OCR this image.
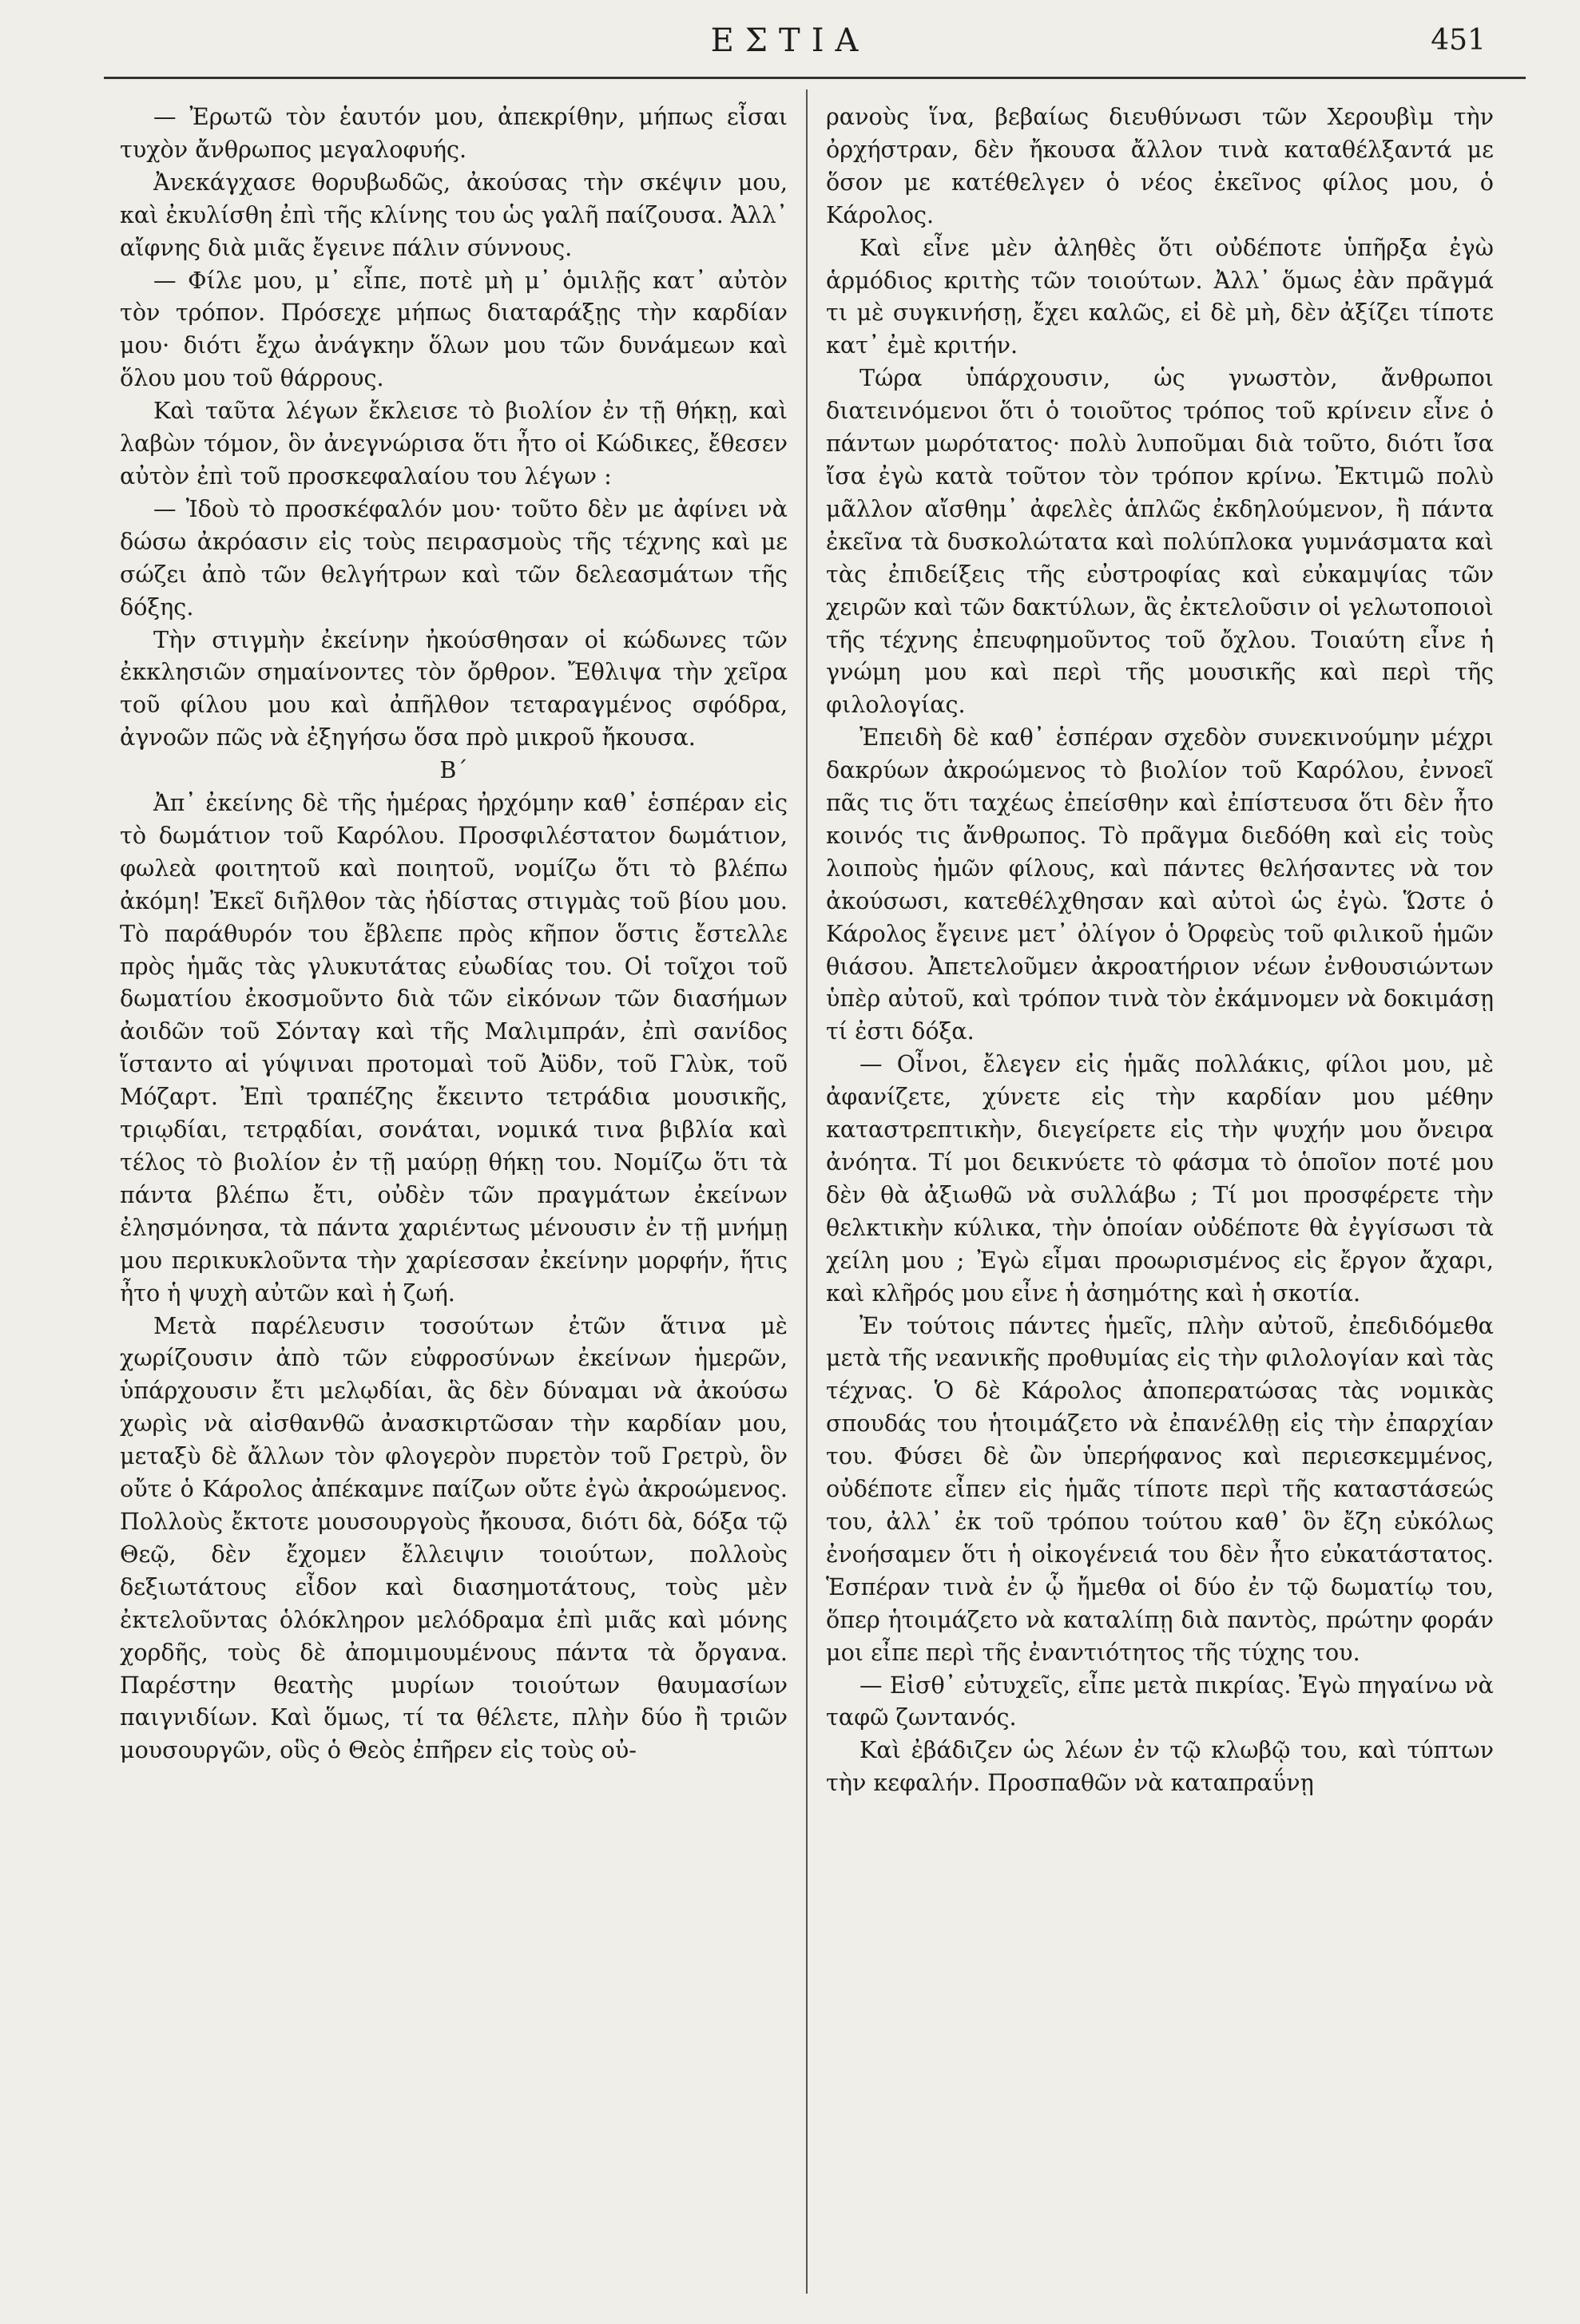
ΕΣΤΙΑ	451

— Ἐρωτῶ τὸν ἑαυτόν μου, ἀπεκρίθην, μήπως εἶσαι τυχὸν ἄνθρωπος μεγαλοφυής.

Ἀνεκάγχασε θορυβωδῶς, ἀκούσας τὴν σκέψιν μου, καὶ ἐκυλίσθη ἐπὶ τῆς κλίνης του ὡς γαλῆ παίζουσα. Ἀλλ᾽ αἴφνης διὰ μιᾶς ἔγεινε πάλιν σύννους.

— Φίλε μου, μ᾽ εἶπε, ποτὲ μὴ μ᾽ ὁμιλῇς κατ᾽ αὐτὸν τὸν τρόπον. Πρόσεχε μήπως διαταράξῃς τὴν καρδίαν μου· διότι ἔχω ἀνάγκην ὅλων μου τῶν δυνάμεων καὶ ὅλου μου τοῦ θάρρους.

Καὶ ταῦτα λέγων ἔκλεισε τὸ βιολίον ἐν τῇ θήκῃ, καὶ λαβὼν τόμον, ὃν ἀνεγνώρισα ὅτι ἦτο οἱ Κώδικες, ἔθεσεν αὐτὸν ἐπὶ τοῦ προσκεφαλαίου του λέγων :

— Ἰδοὺ τὸ προσκέφαλόν μου· τοῦτο δὲν με ἀφίνει νὰ δώσω ἀκρόασιν εἰς τοὺς πειρασμοὺς τῆς τέχνης καὶ με σώζει ἀπὸ τῶν θελγήτρων καὶ τῶν δελεασμάτων τῆς δόξης.

Τὴν στιγμὴν ἐκείνην ἠκούσθησαν οἱ κώδωνες τῶν ἐκκλησιῶν σημαίνοντες τὸν ὄρθρον. Ἔθλιψα τὴν χεῖρα τοῦ φίλου μου καὶ ἀπῆλθον τεταραγμένος σφόδρα, ἀγνοῶν πῶς νὰ ἐξηγήσω ὅσα πρὸ μικροῦ ἤκουσα.

Β΄

Ἀπ᾽ ἐκείνης δὲ τῆς ἡμέρας ἠρχόμην καθ᾽ ἑσπέραν εἰς τὸ δωμάτιον τοῦ Καρόλου. Προσφιλέστατον δωμάτιον, φωλεὰ φοιτητοῦ καὶ ποιητοῦ, νομίζω ὅτι τὸ βλέπω ἀκόμη! Ἐκεῖ διῆλθον τὰς ἡδίστας στιγμὰς τοῦ βίου μου. Τὸ παράθυρόν του ἔβλεπε πρὸς κῆπον ὅστις ἔστελλε πρὸς ἡμᾶς τὰς γλυκυτάτας εὐωδίας του. Οἱ τοῖχοι τοῦ δωματίου ἐκοσμοῦντο διὰ τῶν εἰκόνων τῶν διασήμων ἀοιδῶν τοῦ Σόνταγ καὶ τῆς Μαλιμπράν, ἐπὶ σανίδος ἵσταντο αἱ γύψιναι προτομαὶ τοῦ Ἀϋδν, τοῦ Γλὺκ, τοῦ Μόζαρτ. Ἐπὶ τραπέζης ἔκειντο τετράδια μουσικῆς, τριῳδίαι, τετρᾳδίαι, σονάται, νομικά τινα βιβλία καὶ τέλος τὸ βιολίον ἐν τῇ μαύρῃ θήκῃ του. Νομίζω ὅτι τὰ πάντα βλέπω ἔτι, οὐδὲν τῶν πραγμάτων ἐκείνων ἐλησμόνησα, τὰ πάντα χαριέντως μένουσιν ἐν τῇ μνήμῃ μου περικυκλοῦντα τὴν χαρίεσσαν ἐκείνην μορφήν, ἥτις ἦτο ἡ ψυχὴ αὐτῶν καὶ ἡ ζωή.

Μετὰ παρέλευσιν τοσούτων ἐτῶν ἅτινα μὲ χωρίζουσιν ἀπὸ τῶν εὐφροσύνων ἐκείνων ἡμερῶν, ὑπάρχουσιν ἔτι μελῳδίαι, ἃς δὲν δύναμαι νὰ ἀκούσω χωρὶς νὰ αἰσθανθῶ ἀνασκιρτῶσαν τὴν καρδίαν μου, μεταξὺ δὲ ἄλλων τὸν φλογερὸν πυρετὸν τοῦ Γρετρὺ, ὃν οὔτε ὁ Κάρολος ἀπέκαμνε παίζων οὔτε ἐγὼ ἀκροώμενος. Πολλοὺς ἔκτοτε μουσουργοὺς ἤκουσα, διότι δὰ, δόξα τῷ Θεῷ, δὲν ἔχομεν ἔλλειψιν τοιούτων, πολλοὺς δεξιωτάτους εἶδον καὶ διασημοτάτους, τοὺς μὲν ἐκτελοῦντας ὁλόκληρον μελόδραμα ἐπὶ μιᾶς καὶ μόνης χορδῆς, τοὺς δὲ ἀπομιμουμένους πάντα τὰ ὄργανα. Παρέστην θεατὴς μυρίων τοιούτων θαυμασίων παιγνιδίων. Καὶ ὅμως, τί τα θέλετε, πλὴν δύο ἢ τριῶν μουσουργῶν, οὓς ὁ Θεὸς ἐπῆρεν εἰς τοὺς οὐ-

ρανοὺς ἵνα, βεβαίως διευθύνωσι τῶν Χερουβὶμ τὴν ὀρχήστραν, δὲν ἤκουσα ἄλλον τινὰ καταθέλξαντά με ὅσον με κατέθελγεν ὁ νέος ἐκεῖνος φίλος μου, ὁ Κάρολος.

Καὶ εἶνε μὲν ἀληθὲς ὅτι οὐδέποτε ὑπῆρξα ἐγὼ ἁρμόδιος κριτὴς τῶν τοιούτων. Ἀλλ᾽ ὅμως ἐὰν πρᾶγμά τι μὲ συγκινήσῃ, ἔχει καλῶς, εἰ δὲ μὴ, δὲν ἀξίζει τίποτε κατ᾽ ἐμὲ κριτήν.

Τώρα ὑπάρχουσιν, ὡς γνωστὸν, ἄνθρωποι διατεινόμενοι ὅτι ὁ τοιοῦτος τρόπος τοῦ κρίνειν εἶνε ὁ πάντων μωρότατος· πολὺ λυποῦμαι διὰ τοῦτο, διότι ἴσα ἴσα ἐγὼ κατὰ τοῦτον τὸν τρόπον κρίνω. Ἐκτιμῶ πολὺ μᾶλλον αἴσθημ᾽ ἀφελὲς ἁπλῶς ἐκδηλούμενον, ἢ πάντα ἐκεῖνα τὰ δυσκολώτατα καὶ πολύπλοκα γυμνάσματα καὶ τὰς ἐπιδείξεις τῆς εὐστροφίας καὶ εὐκαμψίας τῶν χειρῶν καὶ τῶν δακτύλων, ἃς ἐκτελοῦσιν οἱ γελωτοποιοὶ τῆς τέχνης ἐπευφημοῦντος τοῦ ὄχλου. Τοιαύτη εἶνε ἡ γνώμη μου καὶ περὶ τῆς μουσικῆς καὶ περὶ τῆς φιλολογίας.

Ἐπειδὴ δὲ καθ᾽ ἑσπέραν σχεδὸν συνεκινούμην μέχρι δακρύων ἀκροώμενος τὸ βιολίον τοῦ Καρόλου, ἐννοεῖ πᾶς τις ὅτι ταχέως ἐπείσθην καὶ ἐπίστευσα ὅτι δὲν ἦτο κοινός τις ἄνθρωπος. Τὸ πρᾶγμα διεδόθη καὶ εἰς τοὺς λοιποὺς ἡμῶν φίλους, καὶ πάντες θελήσαντες νὰ τον ἀκούσωσι, κατεθέλχθησαν καὶ αὐτοὶ ὡς ἐγὼ. Ὥστε ὁ Κάρολος ἔγεινε μετ᾽ ὀλίγον ὁ Ὀρφεὺς τοῦ φιλικοῦ ἡμῶν θιάσου. Ἀπετελοῦμεν ἀκροατήριον νέων ἐνθουσιώντων ὑπὲρ αὐτοῦ, καὶ τρόπον τινὰ τὸν ἐκάμνομεν νὰ δοκιμάσῃ τί ἐστι δόξα.

— Οἶνοι, ἔλεγεν εἰς ἡμᾶς πολλάκις, φίλοι μου, μὲ ἀφανίζετε, χύνετε εἰς τὴν καρδίαν μου μέθην καταστρεπτικὴν, διεγείρετε εἰς τὴν ψυχήν μου ὄνειρα ἀνόητα. Τί μοι δεικνύετε τὸ φάσμα τὸ ὁποῖον ποτέ μου δὲν θὰ ἀξιωθῶ νὰ συλλάβω ; Τί μοι προσφέρετε τὴν θελκτικὴν κύλικα, τὴν ὁποίαν οὐδέποτε θὰ ἐγγίσωσι τὰ χείλη μου ; Ἐγὼ εἶμαι προωρισμένος εἰς ἔργον ἄχαρι, καὶ κλῆρός μου εἶνε ἡ ἀσημότης καὶ ἡ σκοτία.

Ἐν τούτοις πάντες ἡμεῖς, πλὴν αὐτοῦ, ἐπεδιδόμεθα μετὰ τῆς νεανικῆς προθυμίας εἰς τὴν φιλολογίαν καὶ τὰς τέχνας. Ὁ δὲ Κάρολος ἀποπερατώσας τὰς νομικὰς σπουδάς του ἡτοιμάζετο νὰ ἐπανέλθῃ εἰς τὴν ἐπαρχίαν του. Φύσει δὲ ὢν ὑπερήφανος καὶ περιεσκεμμένος, οὐδέποτε εἶπεν εἰς ἡμᾶς τίποτε περὶ τῆς καταστάσεώς του, ἀλλ᾽ ἐκ τοῦ τρόπου τούτου καθ᾽ ὃν ἔζη εὐκόλως ἐνοήσαμεν ὅτι ἡ οἰκογένειά του δὲν ἦτο εὐκατάστατος. Ἑσπέραν τινὰ ἐν ᾧ ἤμεθα οἱ δύο ἐν τῷ δωματίῳ του, ὅπερ ἡτοιμάζετο νὰ καταλίπῃ διὰ παντὸς, πρώτην φοράν μοι εἶπε περὶ τῆς ἐναντιότητος τῆς τύχης του.

— Εἰσθ᾽ εὐτυχεῖς, εἶπε μετὰ πικρίας. Ἐγὼ πηγαίνω νὰ ταφῶ ζωντανός.

Καὶ ἐβάδιζεν ὡς λέων ἐν τῷ κλωβῷ του, καὶ τύπτων τὴν κεφαλήν. Προσπαθῶν νὰ καταπραΰνῃ
